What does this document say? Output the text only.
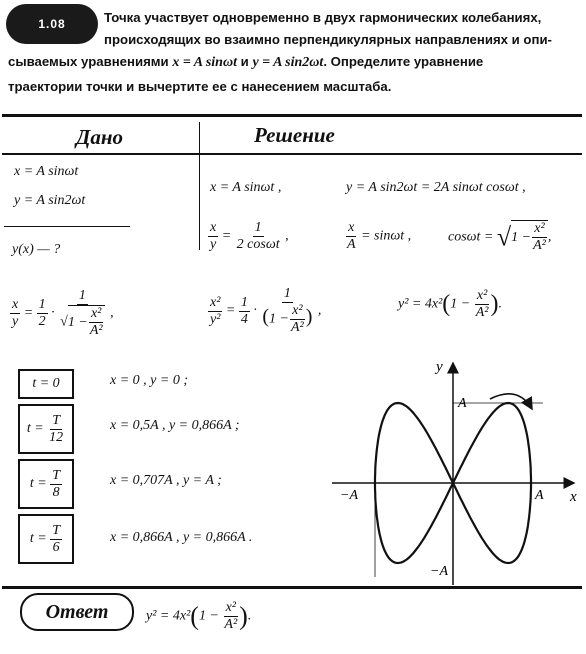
1.08	Точка участвует одновременно в двух гармонических колебаниях,
происходящих во взаимно перпендикулярных направлениях и опи-
сываемых уравнениями x = A sinωt и y = A sin2ωt. Определите уравнение
траектории точки и вычертите ее с нанесением масштаба.
Дано	Решение
x = A sinωt
y = A sin2ωt
y(x) — ?
x = A sinωt ,	y = A sin2ωt = 2A sinωt cosωt ,
$\frac{x}{y} = \frac{1}{2 \cos\omega t}$ ,	$\frac{x}{A} = \sin\omega t$ ,	cosωt = √ $1 - \frac{\text{x²}}{\text{A²}}$ ,
$\frac{x}{y} = \frac{1}{2} \cdot \frac{1}{√ 1 - \frac{\text{x²}}{\text{A²}}}$ ,	$\frac{\text{x²}}{\text{y²}} = \frac{1}{4} \cdot \frac{1}{(1 - \frac{\text{x²}}{\text{A²}} )}$ ,	$y^2 = 4x^2(1 - \frac{\text{x²}}{\text{A²}}$ ).
t = 0	x = 0 , y = 0 ;
t =
$\frac{T}{12}$	x = 0,5A , y = 0,866A ;
t =
$\frac{T}{8}$	x = 0,707A , y = A ;
t =
$\frac{T}{6}$	x = 0,866A , y = 0,866A .
y
x
A
A
−A
−A
Ответ	$y^2 = 4x^2(1 - \frac{\text{x²}}{\text{A²}}$ ).
